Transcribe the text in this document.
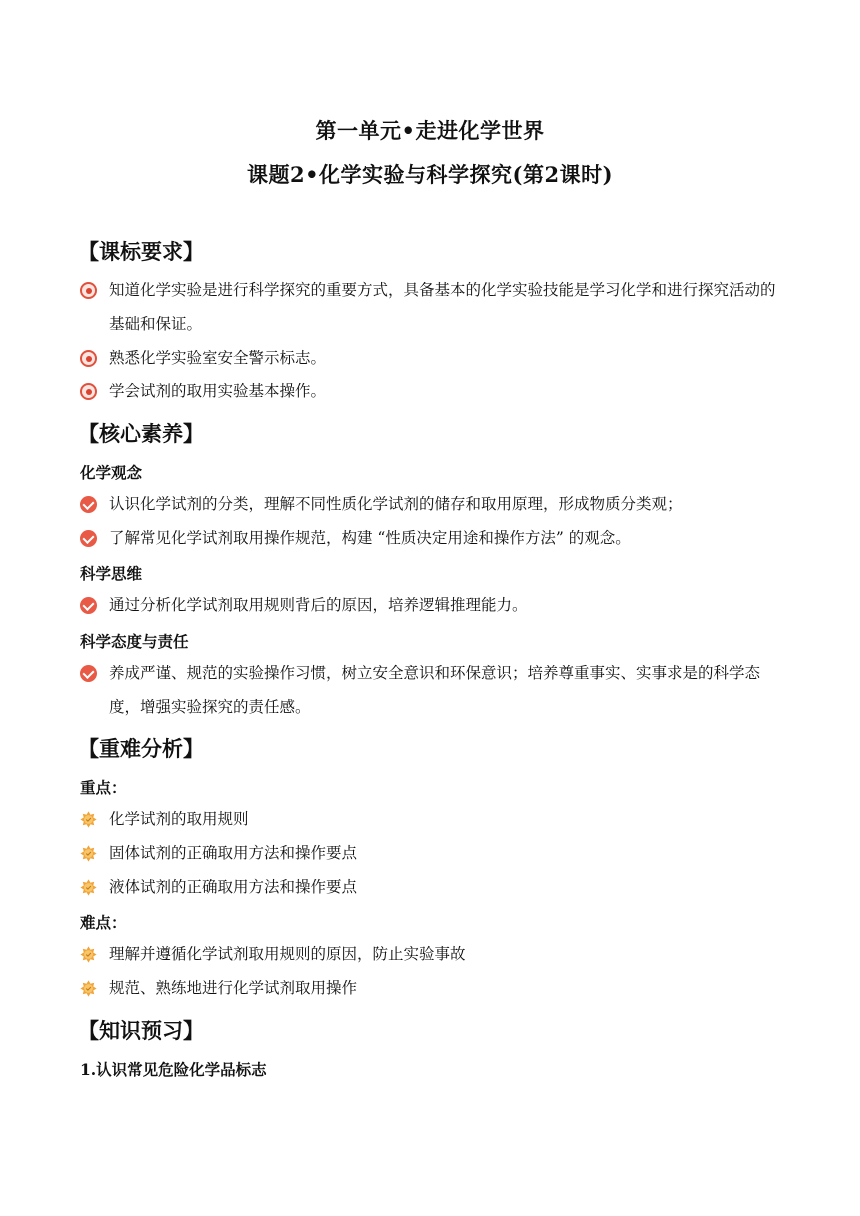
第一单元•走进化学世界
课题2•化学实验与科学探究(第2课时)
【课标要求】
知道化学实验是进行科学探究的重要方式，具备基本的化学实验技能是学习化学和进行探究活动的基础和保证。
熟悉化学实验室安全警示标志。
学会试剂的取用实验基本操作。
【核心素养】
化学观念
认识化学试剂的分类，理解不同性质化学试剂的储存和取用原理，形成物质分类观；
了解常见化学试剂取用操作规范，构建 “性质决定用途和操作方法” 的观念。
科学思维
通过分析化学试剂取用规则背后的原因，培养逻辑推理能力。
科学态度与责任
养成严谨、规范的实验操作习惯，树立安全意识和环保意识；培养尊重事实、实事求是的科学态度，增强实验探究的责任感。
【重难分析】
重点：
化学试剂的取用规则
固体试剂的正确取用方法和操作要点
液体试剂的正确取用方法和操作要点
难点：
理解并遵循化学试剂取用规则的原因，防止实验事故
规范、熟练地进行化学试剂取用操作
【知识预习】
1.认识常见危险化学品标志
